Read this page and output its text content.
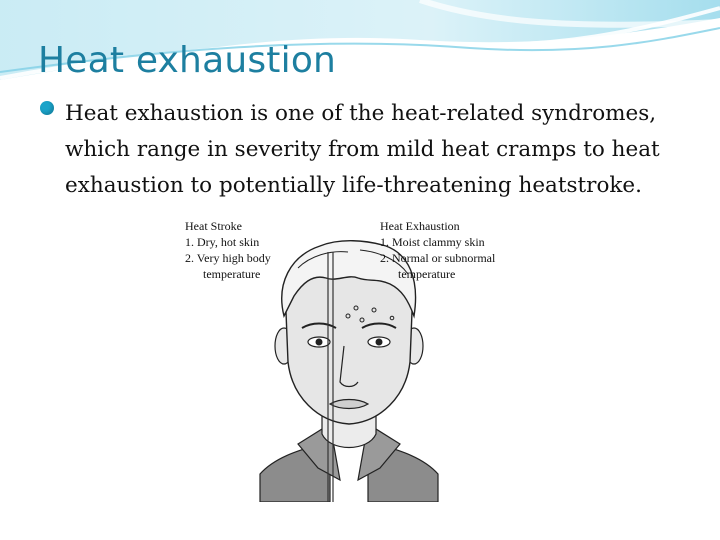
Heat exhaustion

Heat exhaustion is one of the heat-related syndromes, which range in severity from mild heat cramps to heat exhaustion to potentially life-threatening heatstroke.

Heat Stroke

1. Dry, hot skin
2. Very high body
temperature

Heat Exhaustion

1. Moist clammy skin
2. Normal or subnormal
temperature
